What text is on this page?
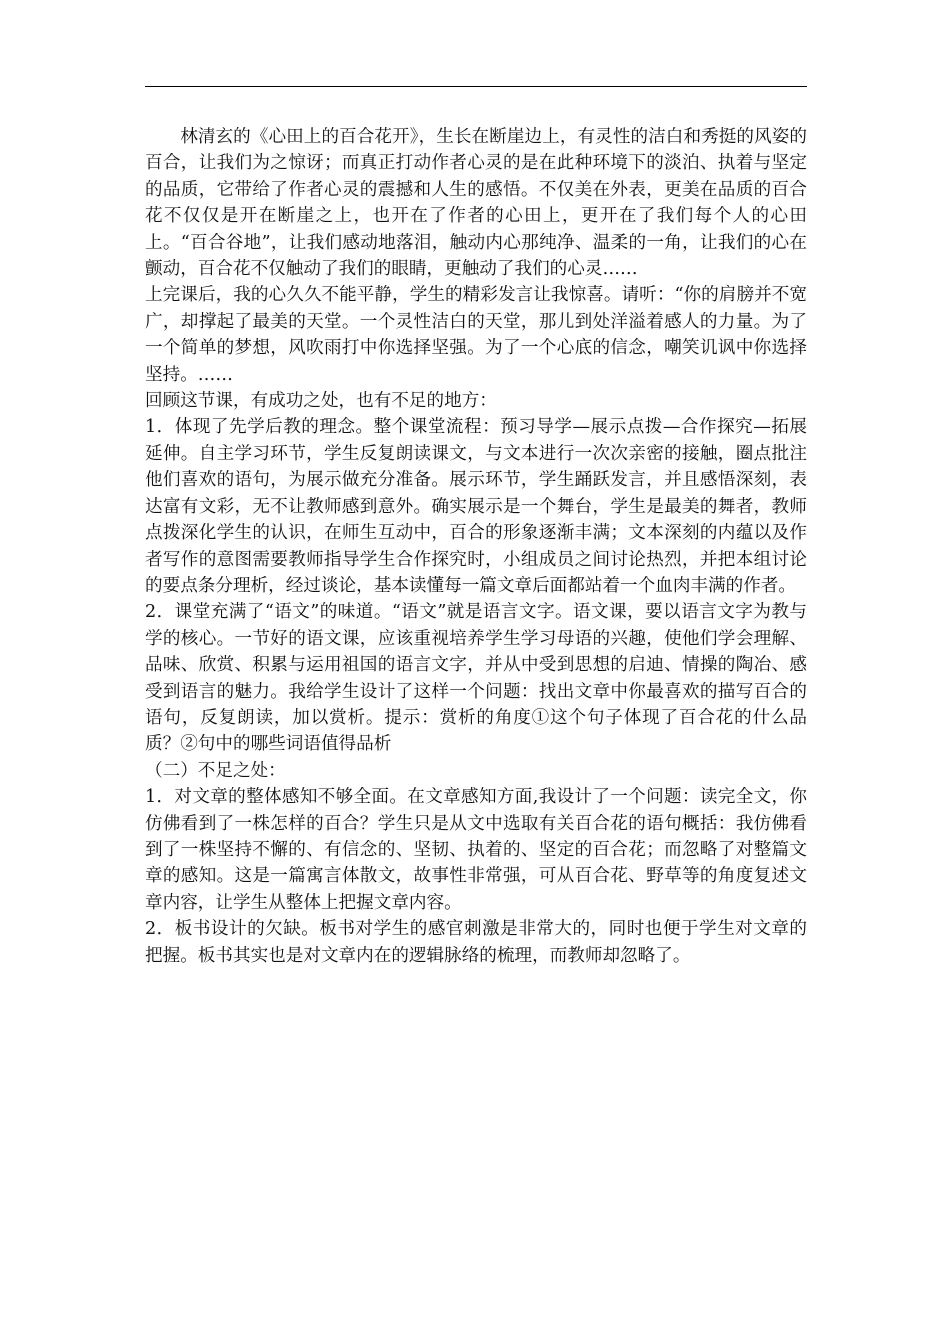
林清玄的《心田上的百合花开》，生长在断崖边上，有灵性的洁白和秀挺的风姿的百合，让我们为之惊讶；而真正打动作者心灵的是在此种环境下的淡泊、执着与坚定的品质，它带给了作者心灵的震撼和人生的感悟。不仅美在外表，更美在品质的百合花不仅仅是开在断崖之上，也开在了作者的心田上，更开在了我们每个人的心田上。“百合谷地”，让我们感动地落泪，触动内心那纯净、温柔的一角，让我们的心在颤动，百合花不仅触动了我们的眼睛，更触动了我们的心灵……

上完课后，我的心久久不能平静，学生的精彩发言让我惊喜。请听：“你的肩膀并不宽广，却撑起了最美的天堂。一个灵性洁白的天堂，那儿到处洋溢着感人的力量。为了一个简单的梦想，风吹雨打中你选择坚强。为了一个心底的信念，嘲笑讥讽中你选择坚持。……

回顾这节课，有成功之处，也有不足的地方：

1．体现了先学后教的理念。整个课堂流程：预习导学—展示点拨—合作探究—拓展延伸。自主学习环节，学生反复朗读课文，与文本进行一次次亲密的接触，圈点批注他们喜欢的语句，为展示做充分准备。展示环节，学生踊跃发言，并且感悟深刻，表达富有文彩，无不让教师感到意外。确实展示是一个舞台，学生是最美的舞者，教师点拨深化学生的认识，在师生互动中，百合的形象逐渐丰满；文本深刻的内蕴以及作者写作的意图需要教师指导学生合作探究时，小组成员之间讨论热烈，并把本组讨论的要点条分理析，经过谈论，基本读懂每一篇文章后面都站着一个血肉丰满的作者。

2．课堂充满了“语文”的味道。“语文”就是语言文字。语文课，要以语言文字为教与学的核心。一节好的语文课，应该重视培养学生学习母语的兴趣，使他们学会理解、品味、欣赏、积累与运用祖国的语言文字，并从中受到思想的启迪、情操的陶冶、感受到语言的魅力。我给学生设计了这样一个问题：找出文章中你最喜欢的描写百合的语句，反复朗读，加以赏析。提示：赏析的角度①这个句子体现了百合花的什么品质？②句中的哪些词语值得品析

（二）不足之处：

1．对文章的整体感知不够全面。在文章感知方面,我设计了一个问题：读完全文，你仿佛看到了一株怎样的百合？学生只是从文中选取有关百合花的语句概括：我仿佛看到了一株坚持不懈的、有信念的、坚韧、执着的、坚定的百合花；而忽略了对整篇文章的感知。这是一篇寓言体散文，故事性非常强，可从百合花、野草等的角度复述文章内容，让学生从整体上把握文章内容。

2．板书设计的欠缺。板书对学生的感官刺激是非常大的，同时也便于学生对文章的把握。板书其实也是对文章内在的逻辑脉络的梳理，而教师却忽略了。
